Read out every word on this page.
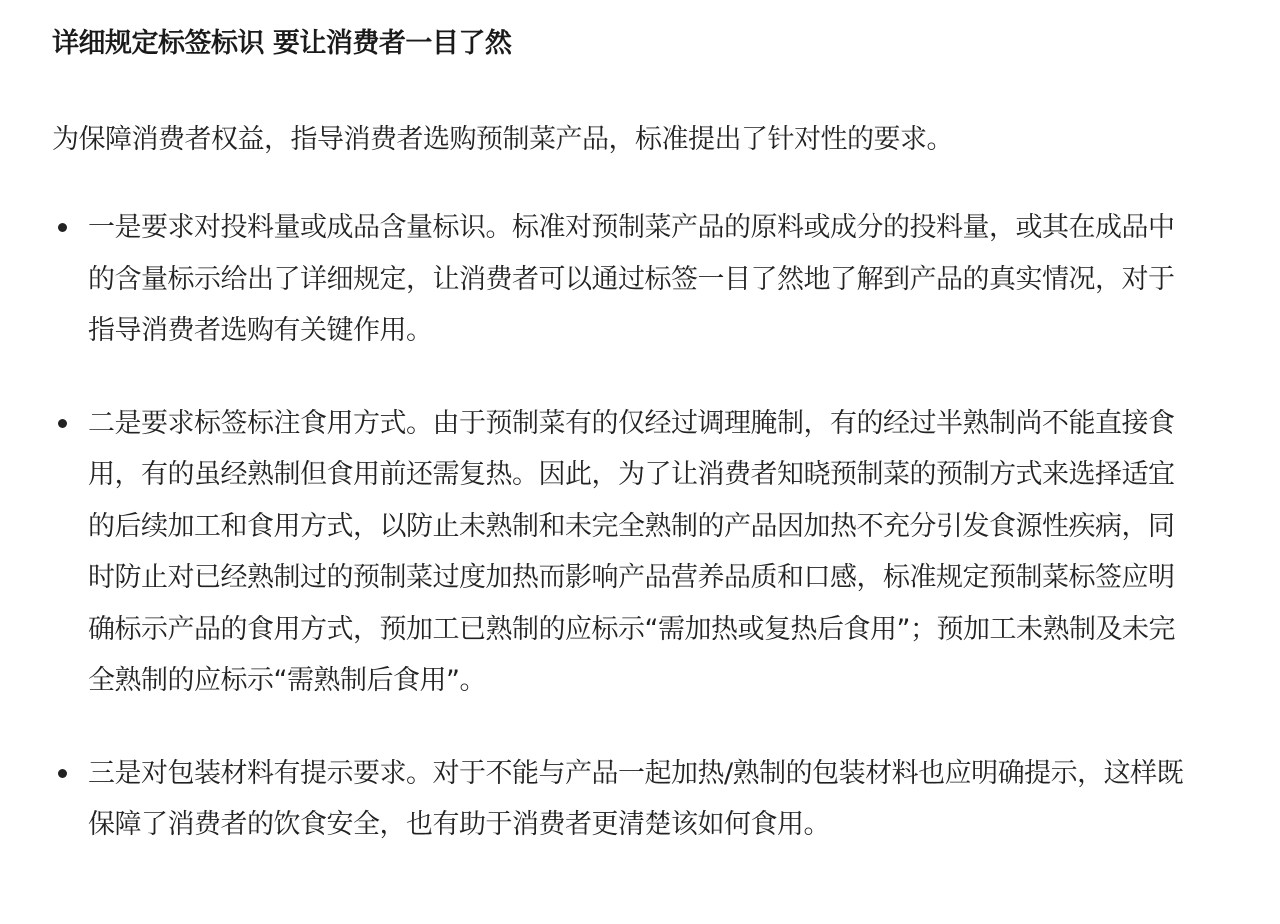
详细规定标签标识 要让消费者一目了然

为保障消费者权益，指导消费者选购预制菜产品，标准提出了针对性的要求。

一是要求对投料量或成品含量标识。标准对预制菜产品的原料或成分的投料量，或其在成品中的含量标示给出了详细规定，让消费者可以通过标签一目了然地了解到产品的真实情况，对于指导消费者选购有关键作用。
二是要求标签标注食用方式。由于预制菜有的仅经过调理腌制，有的经过半熟制尚不能直接食用，有的虽经熟制但食用前还需复热。因此，为了让消费者知晓预制菜的预制方式来选择适宜的后续加工和食用方式，以防止未熟制和未完全熟制的产品因加热不充分引发食源性疾病，同时防止对已经熟制过的预制菜过度加热而影响产品营养品质和口感，标准规定预制菜标签应明确标示产品的食用方式，预加工已熟制的应标示“需加热或复热后食用”；预加工未熟制及未完全熟制的应标示“需熟制后食用”。
三是对包装材料有提示要求。对于不能与产品一起加热/熟制的包装材料也应明确提示，这样既保障了消费者的饮食安全，也有助于消费者更清楚该如何食用。
